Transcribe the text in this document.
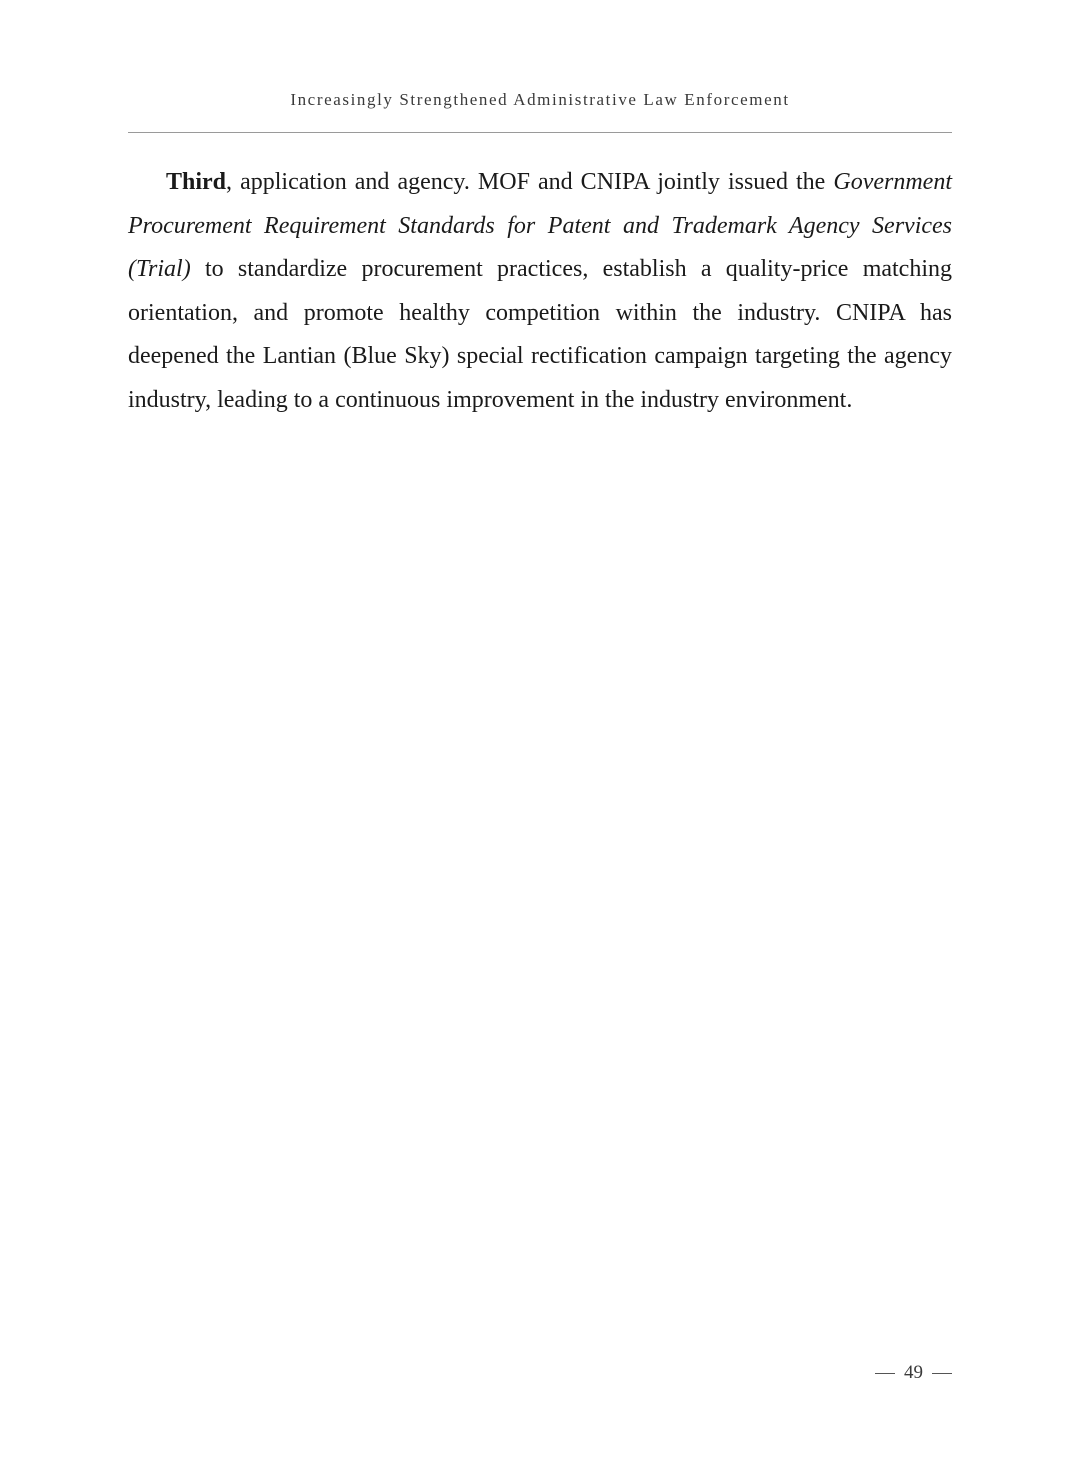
Increasingly Strengthened Administrative Law Enforcement

Third, application and agency. MOF and CNIPA jointly issued the Government Procurement Requirement Standards for Patent and Trademark Agency Services (Trial) to standardize procurement practices, establish a quality-price matching orientation, and promote healthy competition within the industry. CNIPA has deepened the Lantian (Blue Sky) special rectification campaign targeting the agency industry, leading to a continuous improvement in the industry environment.

49
